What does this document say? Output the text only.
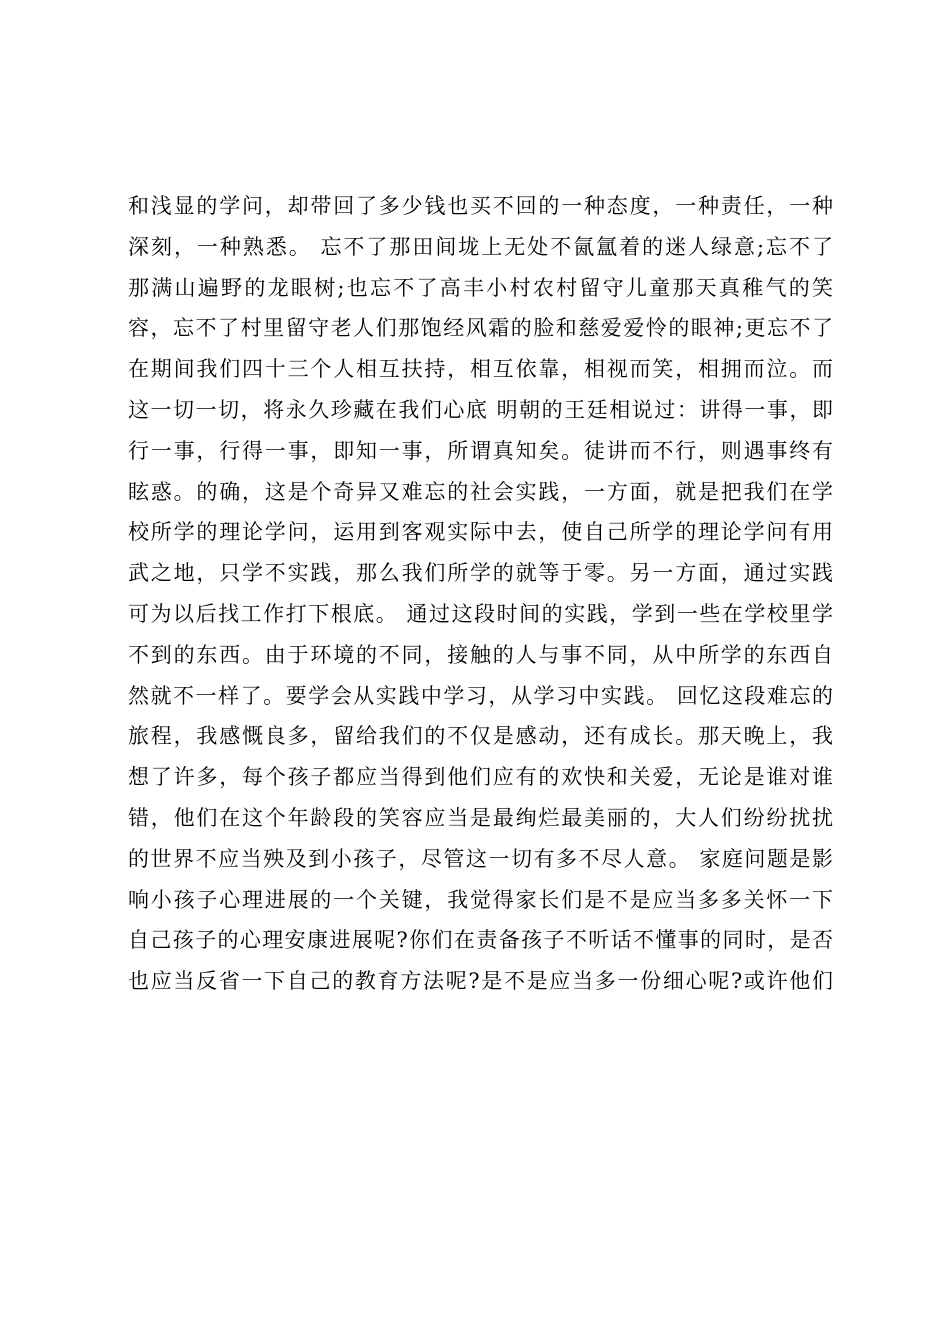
和浅显的学问，却带回了多少钱也买不回的一种态度，一种责任，一种
深刻，一种熟悉。 忘不了那田间垅上无处不氤氲着的迷人绿意;忘不了
那满山遍野的龙眼树;也忘不了高丰小村农村留守儿童那天真稚气的笑
容，忘不了村里留守老人们那饱经风霜的脸和慈爱爱怜的眼神;更忘不了
在期间我们四十三个人相互扶持，相互依靠，相视而笑，相拥而泣。而
这一切一切，将永久珍藏在我们心底 明朝的王廷相说过：讲得一事，即
行一事，行得一事，即知一事，所谓真知矣。徒讲而不行，则遇事终有
眩惑。的确，这是个奇异又难忘的社会实践，一方面，就是把我们在学
校所学的理论学问，运用到客观实际中去，使自己所学的理论学问有用
武之地，只学不实践，那么我们所学的就等于零。另一方面，通过实践
可为以后找工作打下根底。 通过这段时间的实践，学到一些在学校里学
不到的东西。由于环境的不同，接触的人与事不同，从中所学的东西自
然就不一样了。要学会从实践中学习，从学习中实践。 回忆这段难忘的
旅程，我感慨良多，留给我们的不仅是感动，还有成长。那天晚上，我
想了许多，每个孩子都应当得到他们应有的欢快和关爱，无论是谁对谁
错，他们在这个年龄段的笑容应当是最绚烂最美丽的，大人们纷纷扰扰
的世界不应当殃及到小孩子，尽管这一切有多不尽人意。 家庭问题是影
响小孩子心理进展的一个关键，我觉得家长们是不是应当多多关怀一下
自己孩子的心理安康进展呢?你们在责备孩子不听话不懂事的同时，是否
也应当反省一下自己的教育方法呢?是不是应当多一份细心呢?或许他们
